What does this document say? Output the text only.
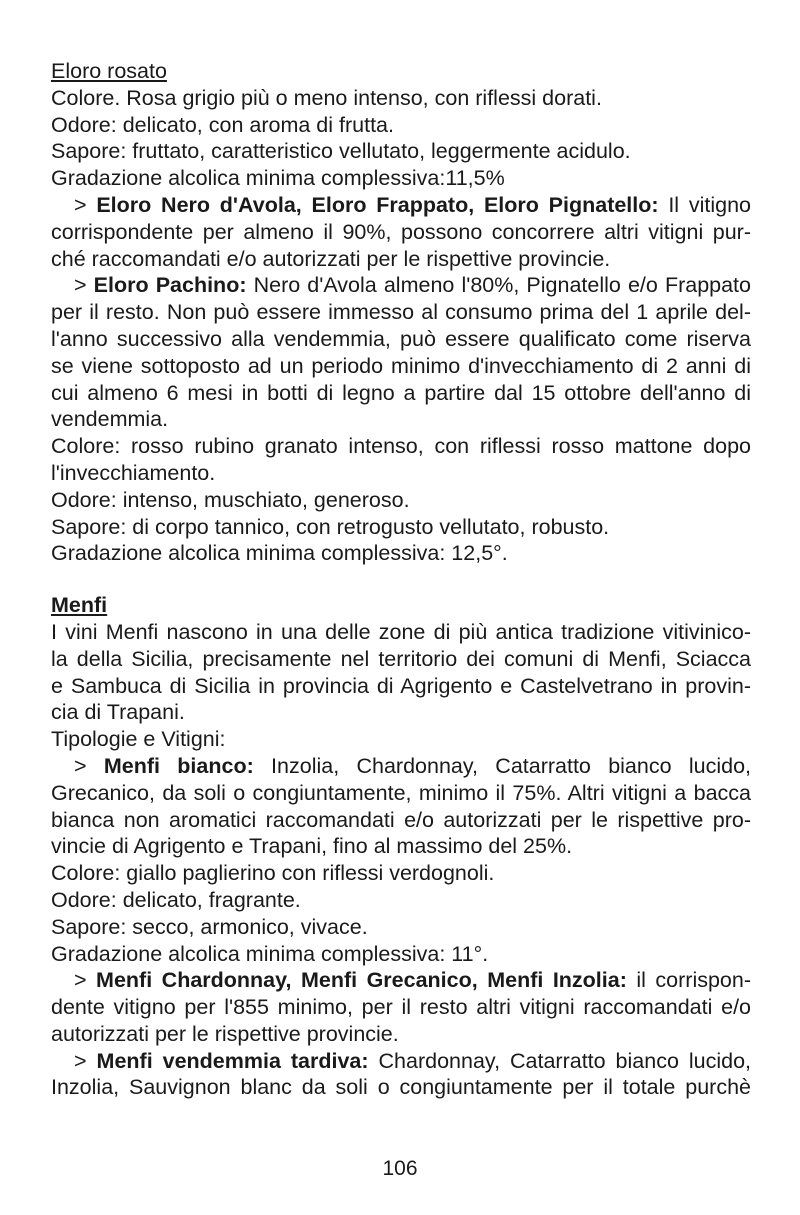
Eloro rosato
Colore. Rosa grigio più o meno intenso, con riflessi dorati.
Odore: delicato, con aroma di frutta.
Sapore: fruttato, caratteristico vellutato, leggermente acidulo.
Gradazione alcolica minima complessiva:11,5%
> Eloro Nero d'Avola, Eloro Frappato, Eloro Pignatello: Il vitigno
corrispondente per almeno il 90%, possono concorrere altri vitigni pur-
ché raccomandati e/o autorizzati per le rispettive provincie.
> Eloro Pachino: Nero d'Avola almeno l'80%, Pignatello e/o Frappato
per il resto. Non può essere immesso al consumo prima del 1 aprile del-
l'anno successivo alla vendemmia, può essere qualificato come riserva
se viene sottoposto ad un periodo minimo d'invecchiamento di 2 anni di
cui almeno 6 mesi in botti di legno a partire dal 15 ottobre dell'anno di
vendemmia.
Colore: rosso rubino granato intenso, con riflessi rosso mattone dopo
l'invecchiamento.
Odore: intenso, muschiato, generoso.
Sapore: di corpo tannico, con retrogusto vellutato, robusto.
Gradazione alcolica minima complessiva: 12,5°.
Menfi
I vini Menfi nascono in una delle zone di più antica tradizione vitivinico-
la della Sicilia, precisamente nel territorio dei comuni di Menfi, Sciacca
e Sambuca di Sicilia in provincia di Agrigento e Castelvetrano in provin-
cia di Trapani.
Tipologie e Vitigni:
> Menfi bianco: Inzolia, Chardonnay, Catarratto bianco lucido,
Grecanico, da soli o congiuntamente, minimo il 75%. Altri vitigni a bacca
bianca non aromatici raccomandati e/o autorizzati per le rispettive pro-
vincie di Agrigento e Trapani, fino al massimo del 25%.
Colore: giallo paglierino con riflessi verdognoli.
Odore: delicato, fragrante.
Sapore: secco, armonico, vivace.
Gradazione alcolica minima complessiva: 11°.
> Menfi Chardonnay, Menfi Grecanico, Menfi Inzolia: il corrispon-
dente vitigno per l'855 minimo, per il resto altri vitigni raccomandati e/o
autorizzati per le rispettive provincie.
> Menfi vendemmia tardiva: Chardonnay, Catarratto bianco lucido,
Inzolia, Sauvignon blanc da soli o congiuntamente per il totale purchè
106
